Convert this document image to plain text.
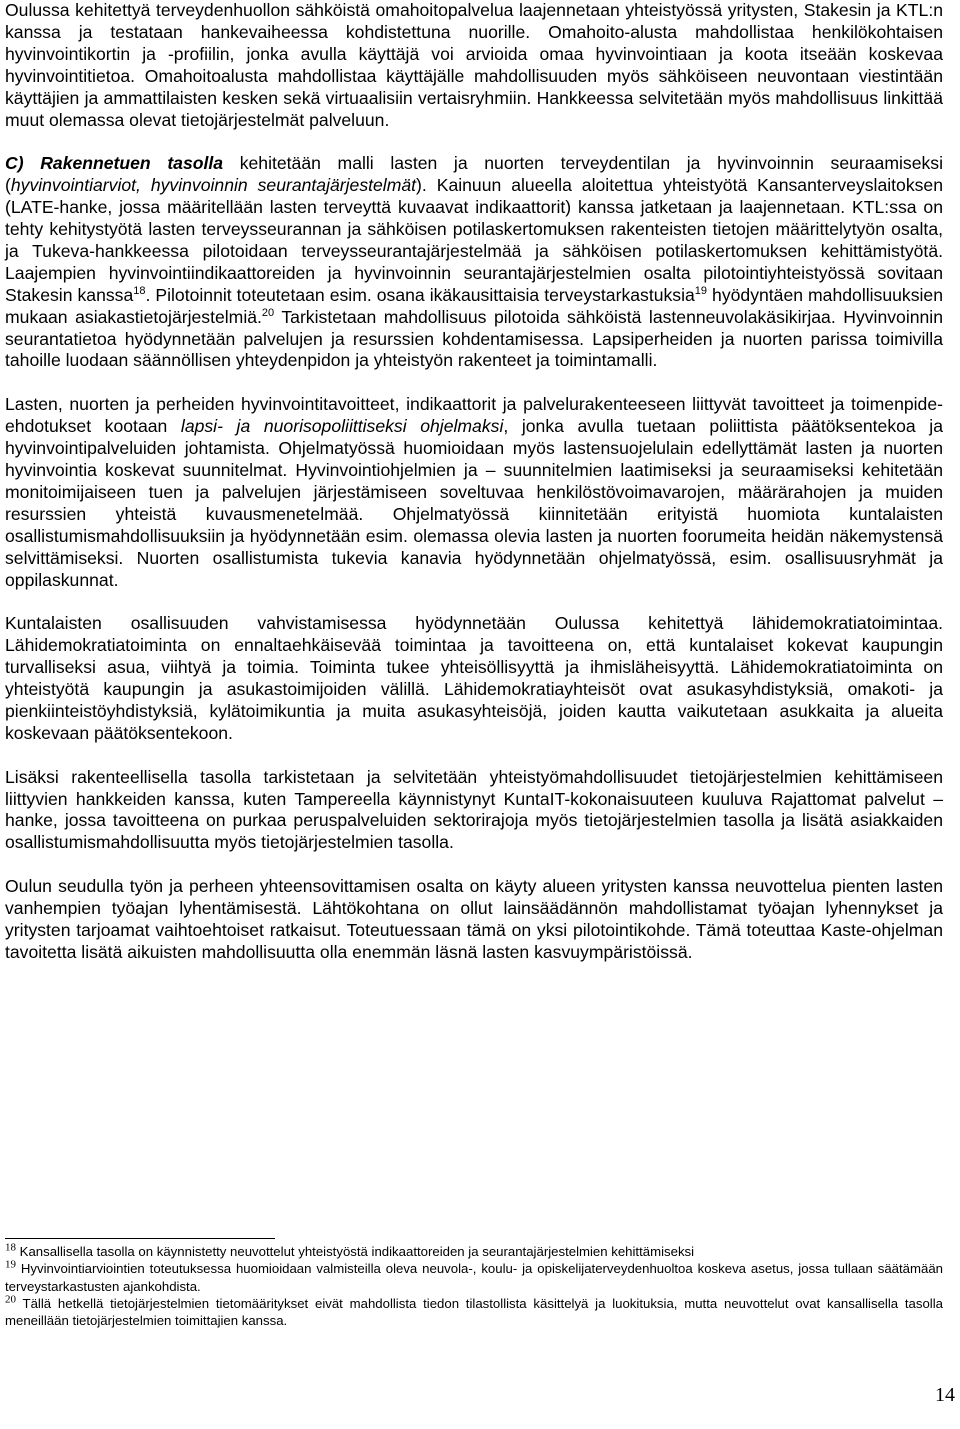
Oulussa kehitettyä terveydenhuollon sähköistä omahoitopalvelua laajennetaan yhteistyössä yritysten, Stakesin ja KTL:n kanssa ja testataan hankevaiheessa kohdistettuna nuorille. Omahoito-alusta mahdollistaa henkilökohtaisen hyvinvointikortin ja -profiilin, jonka avulla käyttäjä voi arvioida omaa hyvinvointiaan ja koota itseään koskevaa hyvinvointitietoa. Omahoitoalusta mahdollistaa käyttäjälle mahdollisuuden myös sähköiseen neuvontaan viestintään käyttäjien ja ammattilaisten kesken sekä virtuaalisiin vertaisryhmiin. Hankkeessa selvitetään myös mahdollisuus linkittää muut olemassa olevat tietojärjestelmät palveluun.

C) Rakennetuen tasolla kehitetään malli lasten ja nuorten terveydentilan ja hyvinvoinnin seuraamiseksi (hyvinvointiarviot, hyvinvoinnin seurantajärjestelmät). Kainuun alueella aloitettua yhteistyötä Kansanterveyslaitoksen (LATE-hanke, jossa määritellään lasten terveyttä kuvaavat indikaattorit) kanssa jatketaan ja laajennetaan. KTL:ssa on tehty kehitystyötä lasten terveysseurannan ja sähköisen potilaskertomuksen rakenteisten tietojen määrittelytyön osalta, ja Tukeva-hankkeessa pilotoidaan terveysseurantajärjestelmää ja sähköisen potilaskertomuksen kehittämistyötä. Laajempien hyvinvointiindikaattoreiden ja hyvinvoinnin seurantajärjestelmien osalta pilotointiyhteistyössä sovitaan Stakesin kanssa$^{18}$. Pilotoinnit toteutetaan esim. osana ikäkausittaisia terveystarkastuksia$^{19}$ hyödyntäen mahdollisuuksien mukaan asiakastietojärjestelmiä.$^{20}$ Tarkistetaan mahdollisuus pilotoida sähköistä lastenneuvolakäsikirjaa. Hyvinvoinnin seurantatietoa hyödynnetään palvelujen ja resurssien kohdentamisessa. Lapsiperheiden ja nuorten parissa toimivilla tahoille luodaan säännöllisen yhteydenpidon ja yhteistyön rakenteet ja toimintamalli.

Lasten, nuorten ja perheiden hyvinvointitavoitteet, indikaattorit ja palvelurakenteeseen liittyvät tavoitteet ja toimenpide-ehdotukset kootaan lapsi- ja nuorisopoliittiseksi ohjelmaksi, jonka avulla tuetaan poliittista päätöksentekoa ja hyvinvointipalveluiden johtamista. Ohjelmatyössä huomioidaan myös lastensuojelulain edellyttämät lasten ja nuorten hyvinvointia koskevat suunnitelmat. Hyvinvointiohjelmien ja – suunnitelmien laatimiseksi ja seuraamiseksi kehitetään monitoimijaiseen tuen ja palvelujen järjestämiseen soveltuvaa henkilöstövoimavarojen, määrärahojen ja muiden resurssien yhteistä kuvausmenetelmää. Ohjelmatyössä kiinnitetään erityistä huomiota kuntalaisten osallistumismahdollisuuksiin ja hyödynnetään esim. olemassa olevia lasten ja nuorten foorumeita heidän näkemystensä selvittämiseksi. Nuorten osallistumista tukevia kanavia hyödynnetään ohjelmatyössä, esim. osallisuusryhmät ja oppilaskunnat.

Kuntalaisten osallisuuden vahvistamisessa hyödynnetään Oulussa kehitettyä lähidemokratiatoimintaa. Lähidemokratiatoiminta on ennaltaehkäisevää toimintaa ja tavoitteena on, että kuntalaiset kokevat kaupungin turvalliseksi asua, viihtyä ja toimia. Toiminta tukee yhteisöllisyyttä ja ihmisläheisyyttä. Lähidemokratiatoiminta on yhteistyötä kaupungin ja asukastoimijoiden välillä. Lähidemokratiayhteisöt ovat asukasyhdistyksiä, omakoti- ja pienkiinteistöyhdistyksiä, kylätoimikuntia ja muita asukasyhteisöjä, joiden kautta vaikutetaan asukkaita ja alueita koskevaan päätöksentekoon.

Lisäksi rakenteellisella tasolla tarkistetaan ja selvitetään yhteistyömahdollisuudet tietojärjestelmien kehittämiseen liittyvien hankkeiden kanssa, kuten Tampereella käynnistynyt KuntaIT-kokonaisuuteen kuuluva Rajattomat palvelut –hanke, jossa tavoitteena on purkaa peruspalveluiden sektorirajoja myös tietojärjestelmien tasolla ja lisätä asiakkaiden osallistumismahdollisuutta myös tietojärjestelmien tasolla.

Oulun seudulla työn ja perheen yhteensovittamisen osalta on käyty alueen yritysten kanssa neuvottelua pienten lasten vanhempien työajan lyhentämisestä. Lähtökohtana on ollut lainsäädännön mahdollistamat työajan lyhennykset ja yritysten tarjoamat vaihtoehtoiset ratkaisut. Toteutuessaan tämä on yksi pilotointikohde. Tämä toteuttaa Kaste-ohjelman tavoitetta lisätä aikuisten mahdollisuutta olla enemmän läsnä lasten kasvuympäristöissä.

$^{18}$ Kansallisella tasolla on käynnistetty neuvottelut yhteistyöstä indikaattoreiden ja seurantajärjestelmien kehittämiseksi

$^{19}$ Hyvinvointiarviointien toteutuksessa huomioidaan valmisteilla oleva neuvola-, koulu- ja opiskelijaterveydenhuoltoa koskeva asetus, jossa tullaan säätämään terveystarkastusten ajankohdista.

$^{20}$ Tällä hetkellä tietojärjestelmien tietomääritykset eivät mahdollista tiedon tilastollista käsittelyä ja luokituksia, mutta neuvottelut ovat kansallisella tasolla meneillään tietojärjestelmien toimittajien kanssa.

14
